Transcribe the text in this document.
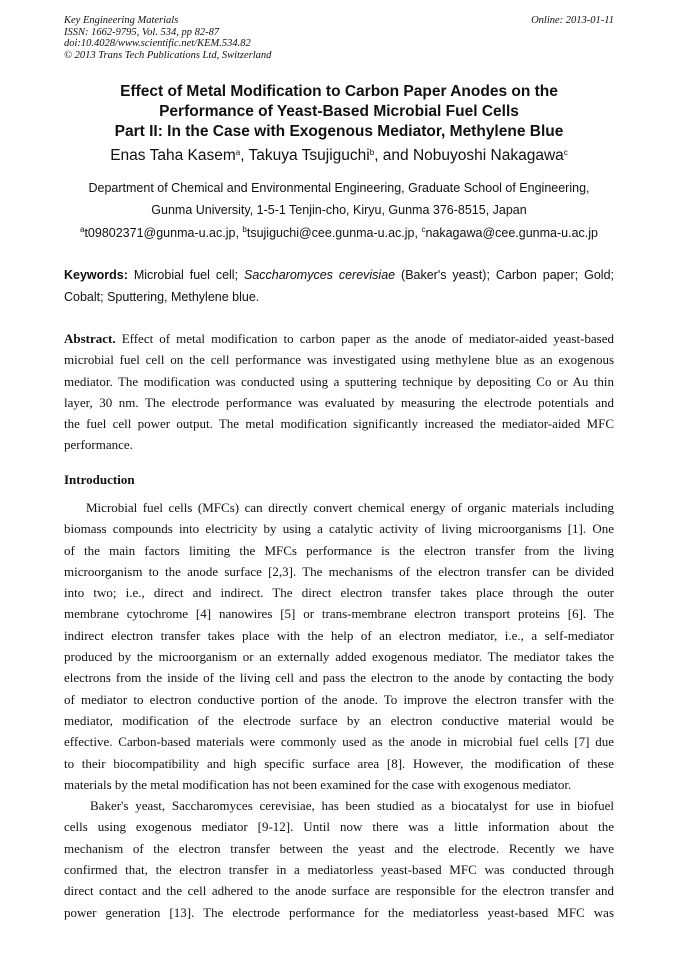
Key Engineering Materials
ISSN: 1662-9795, Vol. 534, pp 82-87
doi:10.4028/www.scientific.net/KEM.534.82
© 2013 Trans Tech Publications Ltd, Switzerland
Online: 2013-01-11
Effect of Metal Modification to Carbon Paper Anodes on the
Performance of Yeast-Based Microbial Fuel Cells
Part II: In the Case with Exogenous Mediator, Methylene Blue
Enas Taha Kasem$^a$, Takuya Tsujiguchi$^b$, and Nobuyoshi Nakagawa$^c$
Department of Chemical and Environmental Engineering, Graduate School of Engineering,
Gunma University, 1-5-1 Tenjin-cho, Kiryu, Gunma 376-8515, Japan
$^a$t09802371@gunma-u.ac.jp, $^b$tsujiguchi@cee.gunma-u.ac.jp, $^c$nakagawa@cee.gunma-u.ac.jp
Keywords: Microbial fuel cell; Saccharomyces cerevisiae (Baker's yeast); Carbon paper; Gold; Cobalt; Sputtering, Methylene blue.
Abstract. Effect of metal modification to carbon paper as the anode of mediator-aided yeast-based
microbial fuel cell on the cell performance was investigated using methylene blue as an exogenous
mediator. The modification was conducted using a sputtering technique by depositing Co or Au thin
layer, 30 nm. The electrode performance was evaluated by measuring the electrode potentials and
the fuel cell power output. The metal modification significantly increased the mediator-aided MFC
performance.
Introduction
Microbial fuel cells (MFCs) can directly convert chemical energy of organic materials including
biomass compounds into electricity by using a catalytic activity of living microorganisms [1]. One
of the main factors limiting the MFCs performance is the electron transfer from the living
microorganism to the anode surface [2,3]. The mechanisms of the electron transfer can be divided
into two; i.e., direct and indirect. The direct electron transfer takes place through the outer
membrane cytochrome [4] nanowires [5] or trans-membrane electron transport proteins [6]. The
indirect electron transfer takes place with the help of an electron mediator, i.e., a self-mediator
produced by the microorganism or an externally added exogenous mediator. The mediator takes the
electrons from the inside of the living cell and pass the electron to the anode by contacting the body
of mediator to electron conductive portion of the anode. To improve the electron transfer with the
mediator, modification of the electrode surface by an electron conductive material would be
effective. Carbon-based materials were commonly used as the anode in microbial fuel cells [7] due
to their biocompatibility and high specific surface area [8]. However, the modification of these
materials by the metal modification has not been examined for the case with exogenous mediator.
Baker's yeast, Saccharomyces cerevisiae, has been studied as a biocatalyst for use in biofuel
cells using exogenous mediator [9-12]. Until now there was a little information about the
mechanism of the electron transfer between the yeast and the electrode. Recently we have
confirmed that, the electron transfer in a mediatorless yeast-based MFC was conducted through
direct contact and the cell adhered to the anode surface are responsible for the electron transfer and
power generation [13]. The electrode performance for the mediatorless yeast-based MFC was
